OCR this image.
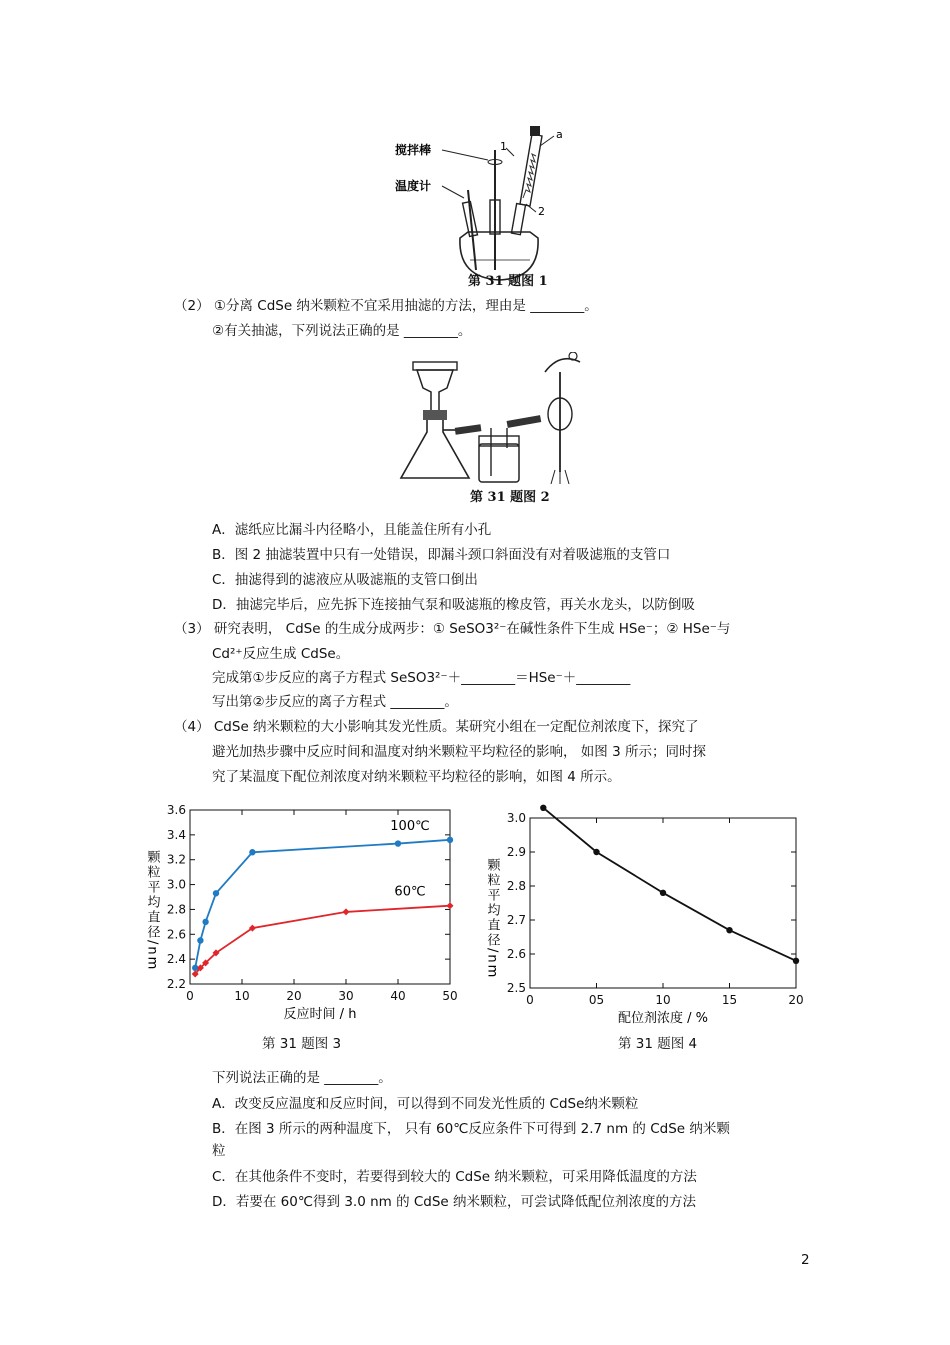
搅拌棒
温度计
1
2
a
第 31 题图 1
（2） ①分离 CdSe 纳米颗粒不宜采用抽滤的方法，理由是 ________。
②有关抽滤，下列说法正确的是 ________。
第 31 题图 2
A．滤纸应比漏斗内径略小，且能盖住所有小孔
B．图 2 抽滤装置中只有一处错误，即漏斗颈口斜面没有对着吸滤瓶的支管口
C．抽滤得到的滤液应从吸滤瓶的支管口倒出
D．抽滤完毕后，应先拆下连接抽气泵和吸滤瓶的橡皮管，再关水龙头，以防倒吸
（3） 研究表明， CdSe 的生成分成两步：① SeSO3²⁻在碱性条件下生成 HSe⁻；② HSe⁻与
Cd²⁺反应生成 CdSe。
完成第①步反应的离子方程式 SeSO3²⁻＋________＝HSe⁻＋________
写出第②步反应的离子方程式 ________。
（4） CdSe 纳米颗粒的大小影响其发光性质。某研究小组在一定配位剂浓度下，探究了
避光加热步骤中反应时间和温度对纳米颗粒平均粒径的影响， 如图 3 所示；同时探
究了某温度下配位剂浓度对纳米颗粒平均粒径的影响，如图 4 所示。
2.2
2.4
2.6
2.8
3.0
3.2
3.4
3.6
0	10	20	30	40	50
反应时间 / h
颗粒平均直径/nm
100℃
60℃
2.5
2.6
2.7
2.8
2.9
3.0
0	05	10	15	20
配位剂浓度 / %
颗粒平均直径/nm
第 31 题图 3	第 31 题图 4
下列说法正确的是 ________。
A．改变反应温度和反应时间，可以得到不同发光性质的 CdSe纳米颗粒
B．在图 3 所示的两种温度下， 只有 60℃反应条件下可得到 2.7 nm 的 CdSe 纳米颗
粒
C．在其他条件不变时，若要得到较大的 CdSe 纳米颗粒，可采用降低温度的方法
D．若要在 60℃得到 3.0 nm 的 CdSe 纳米颗粒，可尝试降低配位剂浓度的方法
2
